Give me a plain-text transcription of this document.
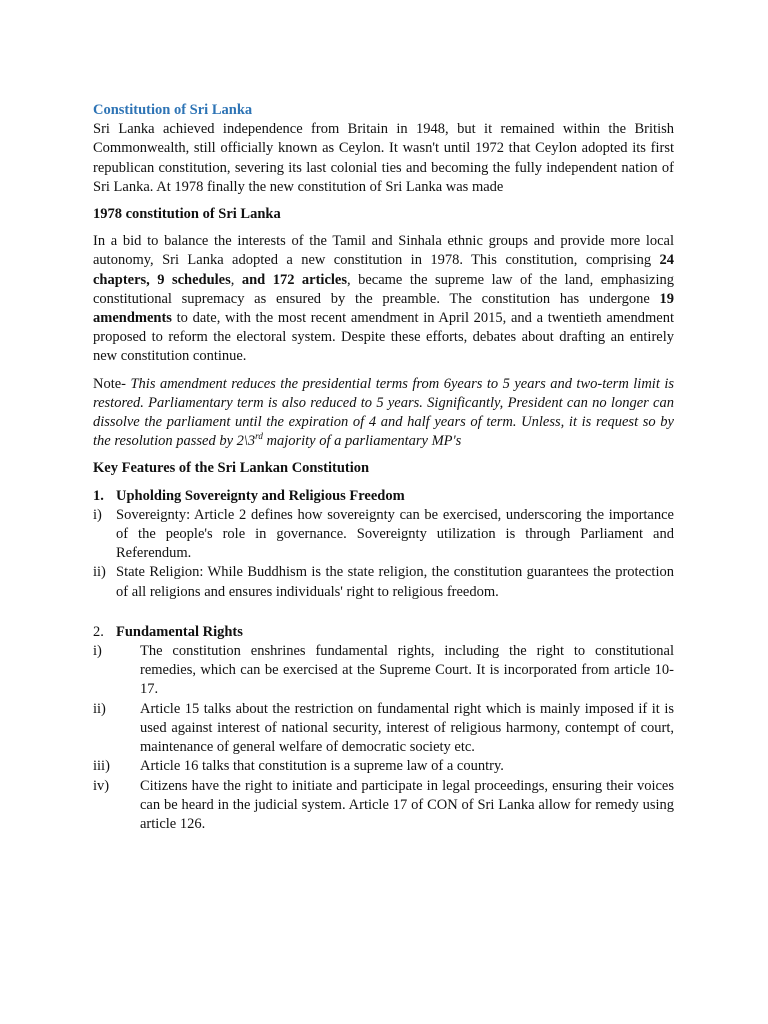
Constitution of Sri Lanka

Sri Lanka achieved independence from Britain in 1948, but it remained within the British Commonwealth, still officially known as Ceylon. It wasn't until 1972 that Ceylon adopted its first republican constitution, severing its last colonial ties and becoming the fully independent nation of Sri Lanka. At 1978 finally the new constitution of Sri Lanka was made

1978 constitution of Sri Lanka

In a bid to balance the interests of the Tamil and Sinhala ethnic groups and provide more local autonomy, Sri Lanka adopted a new constitution in 1978. This constitution, comprising 24 chapters, 9 schedules, and 172 articles, became the supreme law of the land, emphasizing constitutional supremacy as ensured by the preamble. The constitution has undergone 19 amendments to date, with the most recent amendment in April 2015, and a twentieth amendment proposed to reform the electoral system. Despite these efforts, debates about drafting an entirely new constitution continue.

Note- This amendment reduces the presidential terms from 6years to 5 years and two-term limit is restored. Parliamentary term is also reduced to 5 years. Significantly, President can no longer can dissolve the parliament until the expiration of 4 and half years of term. Unless, it is request so by the resolution passed by 2\3rd majority of a parliamentary MP's

Key Features of the Sri Lankan Constitution

1. Upholding Sovereignty and Religious Freedom
i) Sovereignty: Article 2 defines how sovereignty can be exercised, underscoring the importance of the people's role in governance. Sovereignty utilization is through Parliament and Referendum.
ii) State Religion: While Buddhism is the state religion, the constitution guarantees the protection of all religions and ensures individuals' right to religious freedom.
2. Fundamental Rights
i)	The constitution enshrines fundamental rights, including the right to constitutional remedies, which can be exercised at the Supreme Court. It is incorporated from article 10-17.
ii)	Article 15 talks about the restriction on fundamental right which is mainly imposed if it is used against interest of national security, interest of religious harmony, contempt of court, maintenance of general welfare of democratic society etc.
iii)	Article 16 talks that constitution is a supreme law of a country.
iv)	Citizens have the right to initiate and participate in legal proceedings, ensuring their voices can be heard in the judicial system. Article 17 of CON of Sri Lanka allow for remedy using article 126.
